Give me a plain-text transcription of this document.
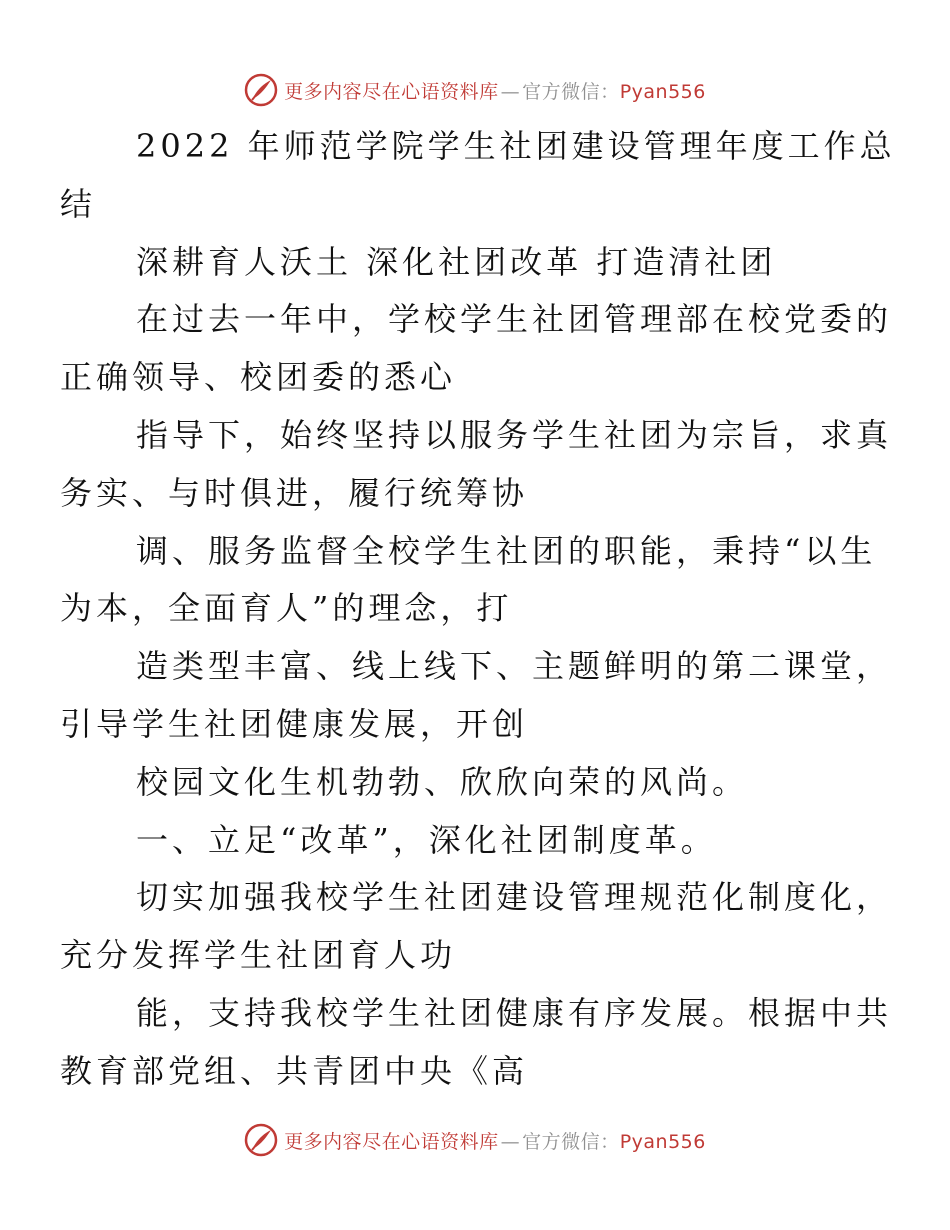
更多内容尽在心语资料库 — 官方微信：Pyan556

2022 年师范学院学生社团建设管理年度工作总
结

深耕育人沃土 深化社团改革 打造清社团

在过去一年中，学校学生社团管理部在校党委的
正确领导、校团委的悉心

指导下，始终坚持以服务学生社团为宗旨，求真
务实、与时俱进，履行统筹协

调、服务监督全校学生社团的职能，秉持“以生
为本，全面育人”的理念，打

造类型丰富、线上线下、主题鲜明的第二课堂，
引导学生社团健康发展，开创

校园文化生机勃勃、欣欣向荣的风尚。

一、立足“改革”，深化社团制度革。

切实加强我校学生社团建设管理规范化制度化，
充分发挥学生社团育人功

能，支持我校学生社团健康有序发展。根据中共
教育部党组、共青团中央《高

更多内容尽在心语资料库 — 官方微信：Pyan556
